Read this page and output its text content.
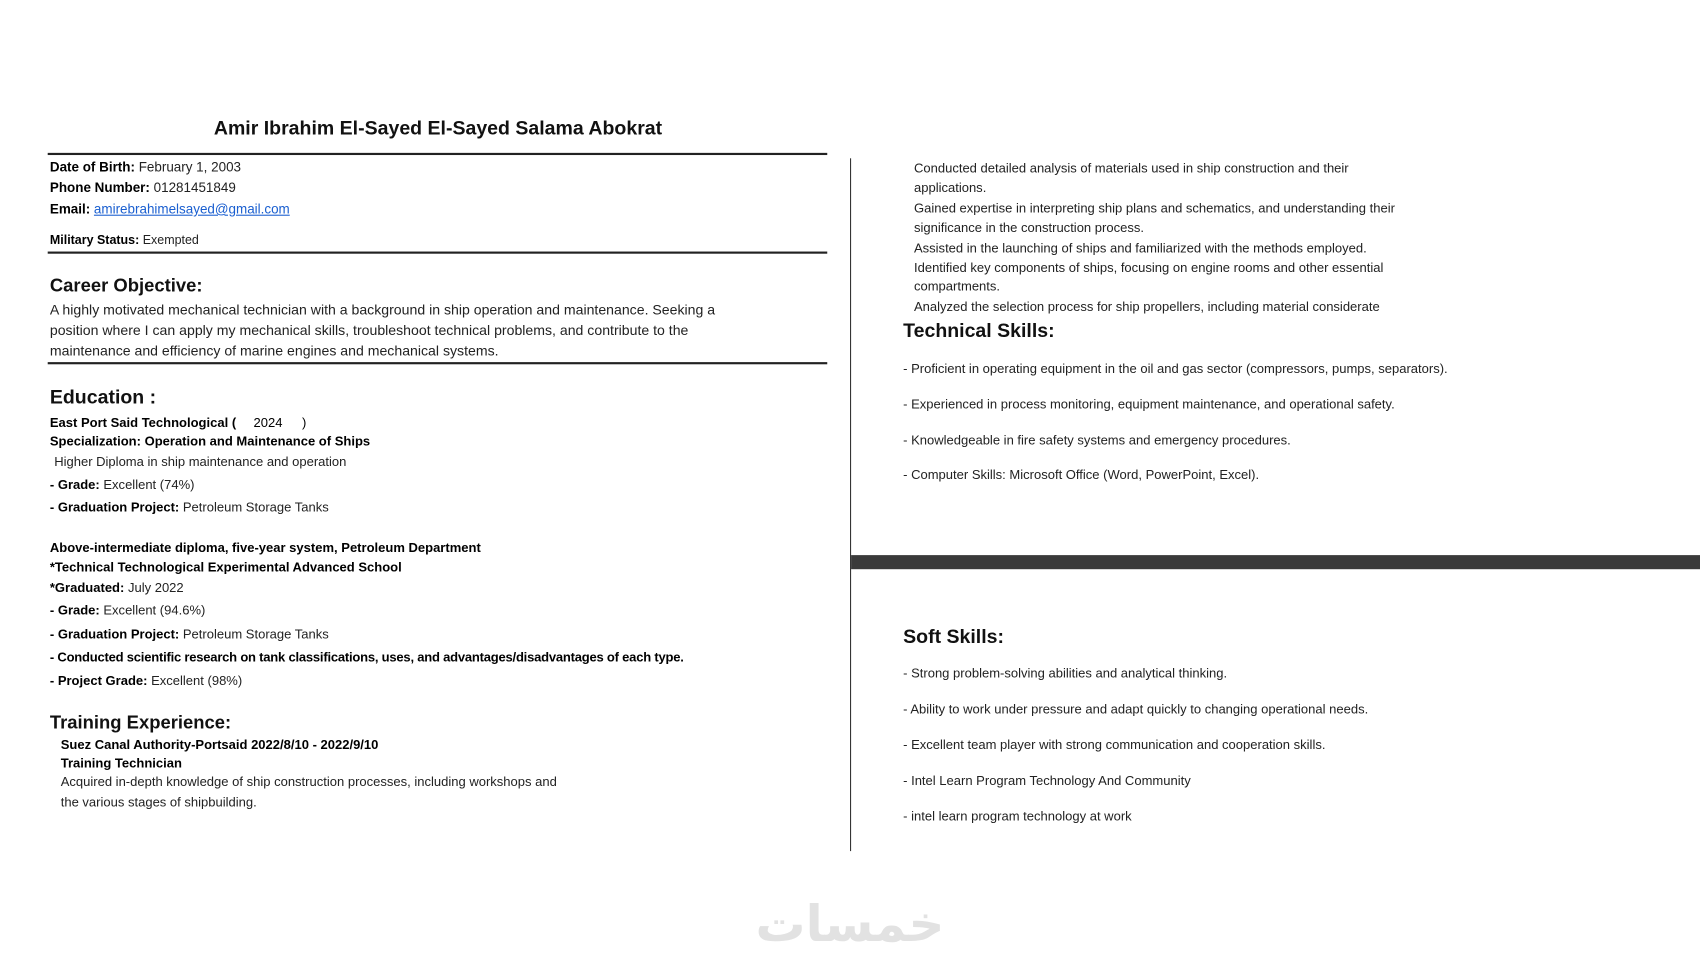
Amir Ibrahim El-Sayed El-Sayed Salama Abokrat
Date of Birth: February 1, 2003
Phone Number: 01281451849
Email: amirebrahimelsayed@gmail.com
Military Status: Exempted
Career Objective:
A highly motivated mechanical technician with a background in ship operation and maintenance. Seeking a
position where I can apply my mechanical skills, troubleshoot technical problems, and contribute to the
maintenance and efficiency of marine engines and mechanical systems.
Education :
East Port Said Technological ( 2024 )
Specialization: Operation and Maintenance of Ships
Higher Diploma in ship maintenance and operation
- Grade: Excellent (74%)
- Graduation Project: Petroleum Storage Tanks
Above-intermediate diploma, five-year system, Petroleum Department
*Technical Technological Experimental Advanced School
*Graduated: July 2022
- Grade: Excellent (94.6%)
- Graduation Project: Petroleum Storage Tanks
- Conducted scientific research on tank classifications, uses, and advantages/disadvantages of each type.
- Project Grade: Excellent (98%)
Training Experience:
Suez Canal Authority-Portsaid 2022/8/10 - 2022/9/10
Training Technician
Acquired in-depth knowledge of ship construction processes, including workshops and
the various stages of shipbuilding.
Conducted detailed analysis of materials used in ship construction and their
applications.
Gained expertise in interpreting ship plans and schematics, and understanding their
significance in the construction process.
Assisted in the launching of ships and familiarized with the methods employed.
Identified key components of ships, focusing on engine rooms and other essential
compartments.
Analyzed the selection process for ship propellers, including material considerate
Technical Skills:
- Proficient in operating equipment in the oil and gas sector (compressors, pumps, separators).
- Experienced in process monitoring, equipment maintenance, and operational safety.
- Knowledgeable in fire safety systems and emergency procedures.
- Computer Skills: Microsoft Office (Word, PowerPoint, Excel).
Soft Skills:
- Strong problem-solving abilities and analytical thinking.
- Ability to work under pressure and adapt quickly to changing operational needs.
- Excellent team player with strong communication and cooperation skills.
- Intel Learn Program Technology And Community
- intel learn program technology at work
خمسات
